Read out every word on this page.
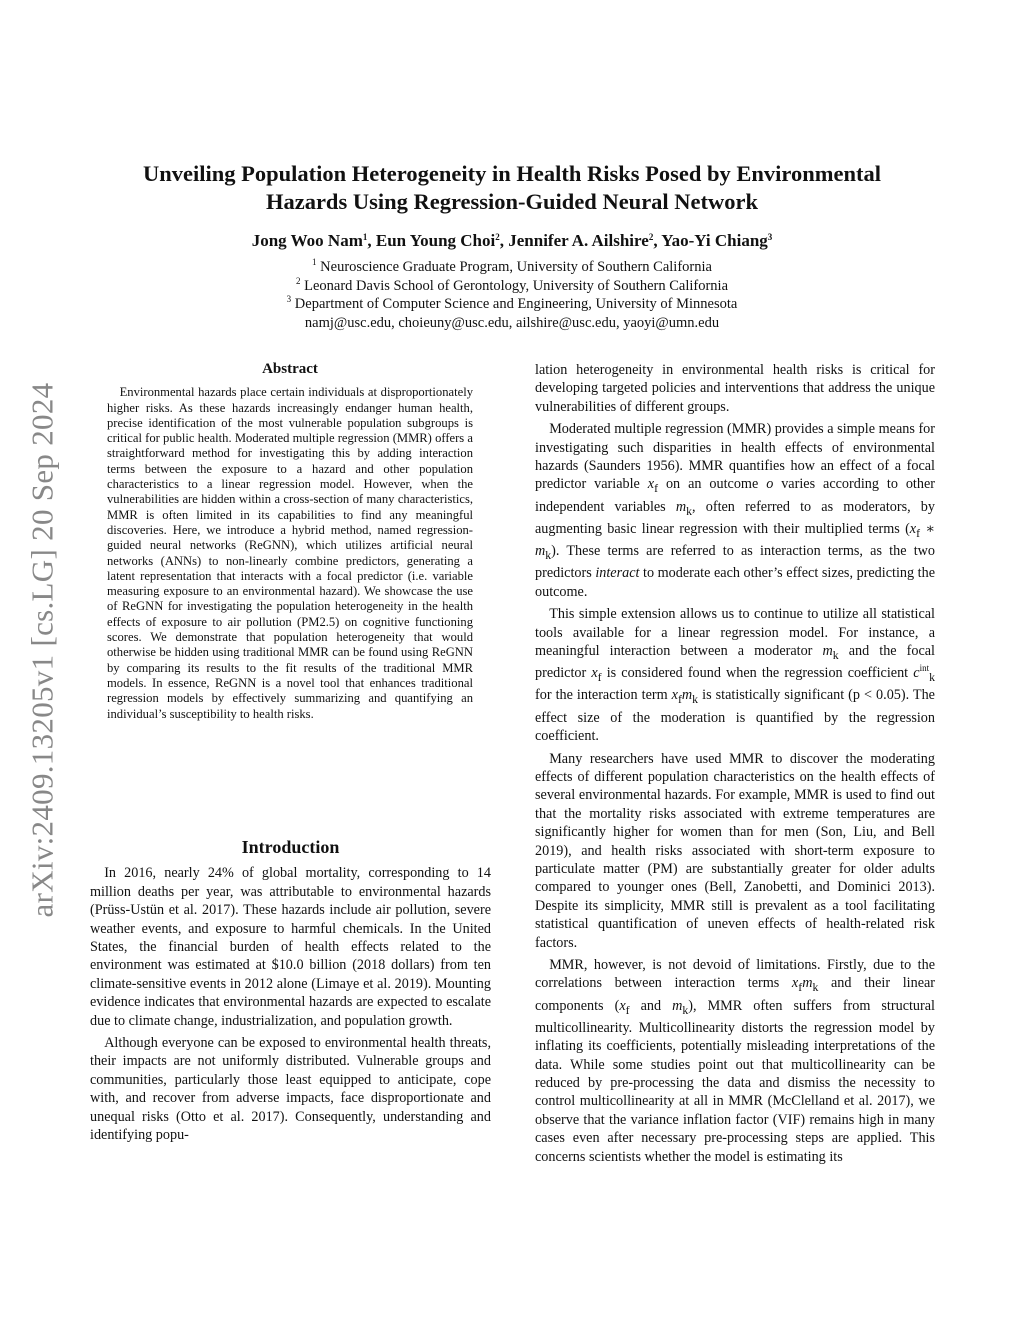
arXiv:2409.13205v1 [cs.LG] 20 Sep 2024
Unveiling Population Heterogeneity in Health Risks Posed by Environmental
Hazards Using Regression-Guided Neural Network
Jong Woo Nam$^1$, Eun Young Choi$^2$, Jennifer A. Ailshire$^2$, Yao-Yi Chiang$^3$
$^1$ Neuroscience Graduate Program, University of Southern California
$^2$ Leonard Davis School of Gerontology, University of Southern California
$^3$ Department of Computer Science and Engineering, University of Minnesota
namj@usc.edu, choieuny@usc.edu, ailshire@usc.edu, yaoyi@umn.edu
Abstract

Environmental hazards place certain individuals at disproportionately higher risks. As these hazards increasingly endanger human health, precise identification of the most vulnerable population subgroups is critical for public health. Moderated multiple regression (MMR) offers a straightforward method for investigating this by adding interaction terms between the exposure to a hazard and other population characteristics to a linear regression model. However, when the vulnerabilities are hidden within a cross-section of many characteristics, MMR is often limited in its capabilities to find any meaningful discoveries. Here, we introduce a hybrid method, named regression-guided neural networks (ReGNN), which utilizes artificial neural networks (ANNs) to non-linearly combine predictors, generating a latent representation that interacts with a focal predictor (i.e. variable measuring exposure to an environmental hazard). We showcase the use of ReGNN for investigating the population heterogeneity in the health effects of exposure to air pollution (PM2.5) on cognitive functioning scores. We demonstrate that population heterogeneity that would otherwise be hidden using traditional MMR can be found using ReGNN by comparing its results to the fit results of the traditional MMR models. In essence, ReGNN is a novel tool that enhances traditional regression models by effectively summarizing and quantifying an individual’s susceptibility to health risks.

Introduction

In 2016, nearly 24% of global mortality, corresponding to 14 million deaths per year, was attributable to environmental hazards (Prüss-Ustün et al. 2017). These hazards include air pollution, severe weather events, and exposure to harmful chemicals. In the United States, the financial burden of health effects related to the environment was estimated at $10.0 billion (2018 dollars) from ten climate-sensitive events in 2012 alone (Limaye et al. 2019). Mounting evidence indicates that environmental hazards are expected to escalate due to climate change, industrialization, and population growth.

Although everyone can be exposed to environmental health threats, their impacts are not uniformly distributed. Vulnerable groups and communities, particularly those least equipped to anticipate, cope with, and recover from adverse impacts, face disproportionate and unequal risks (Otto et al. 2017). Consequently, understanding and identifying popu-

lation heterogeneity in environmental health risks is critical for developing targeted policies and interventions that address the unique vulnerabilities of different groups.

Moderated multiple regression (MMR) provides a simple means for investigating such disparities in health effects of environmental hazards (Saunders 1956). MMR quantifies how an effect of a focal predictor variable $x_f$ on an outcome o varies according to other independent variables $m_k$, often referred to as moderators, by augmenting basic linear regression with their multiplied terms ($x_f$ ∗ $m_k$). These terms are referred to as interaction terms, as the two predictors interact to moderate each other’s effect sizes, predicting the outcome.

This simple extension allows us to continue to utilize all statistical tools available for a linear regression model. For instance, a meaningful interaction between a moderator $m_k$ and the focal predictor $x_f$ is considered found when the regression coefficient $c^{int}_k$ for the interaction term $x_fm_k$ is statistically significant (p < 0.05). The effect size of the moderation is quantified by the regression coefficient.

Many researchers have used MMR to discover the moderating effects of different population characteristics on the health effects of several environmental hazards. For example, MMR is used to find out that the mortality risks associated with extreme temperatures are significantly higher for women than for men (Son, Liu, and Bell 2019), and health risks associated with short-term exposure to particulate matter (PM) are substantially greater for older adults compared to younger ones (Bell, Zanobetti, and Dominici 2013). Despite its simplicity, MMR still is prevalent as a tool facilitating statistical quantification of uneven effects of health-related risk factors.

MMR, however, is not devoid of limitations. Firstly, due to the correlations between interaction terms $x_fm_k$ and their linear components ($x_f$ and $m_k$), MMR often suffers from structural multicollinearity. Multicollinearity distorts the regression model by inflating its coefficients, potentially misleading interpretations of the data. While some studies point out that multicollinearity can be reduced by pre-processing the data and dismiss the necessity to control multicollinearity at all in MMR (McClelland et al. 2017), we observe that the variance inflation factor (VIF) remains high in many cases even after necessary pre-processing steps are applied. This concerns scientists whether the model is estimating its
